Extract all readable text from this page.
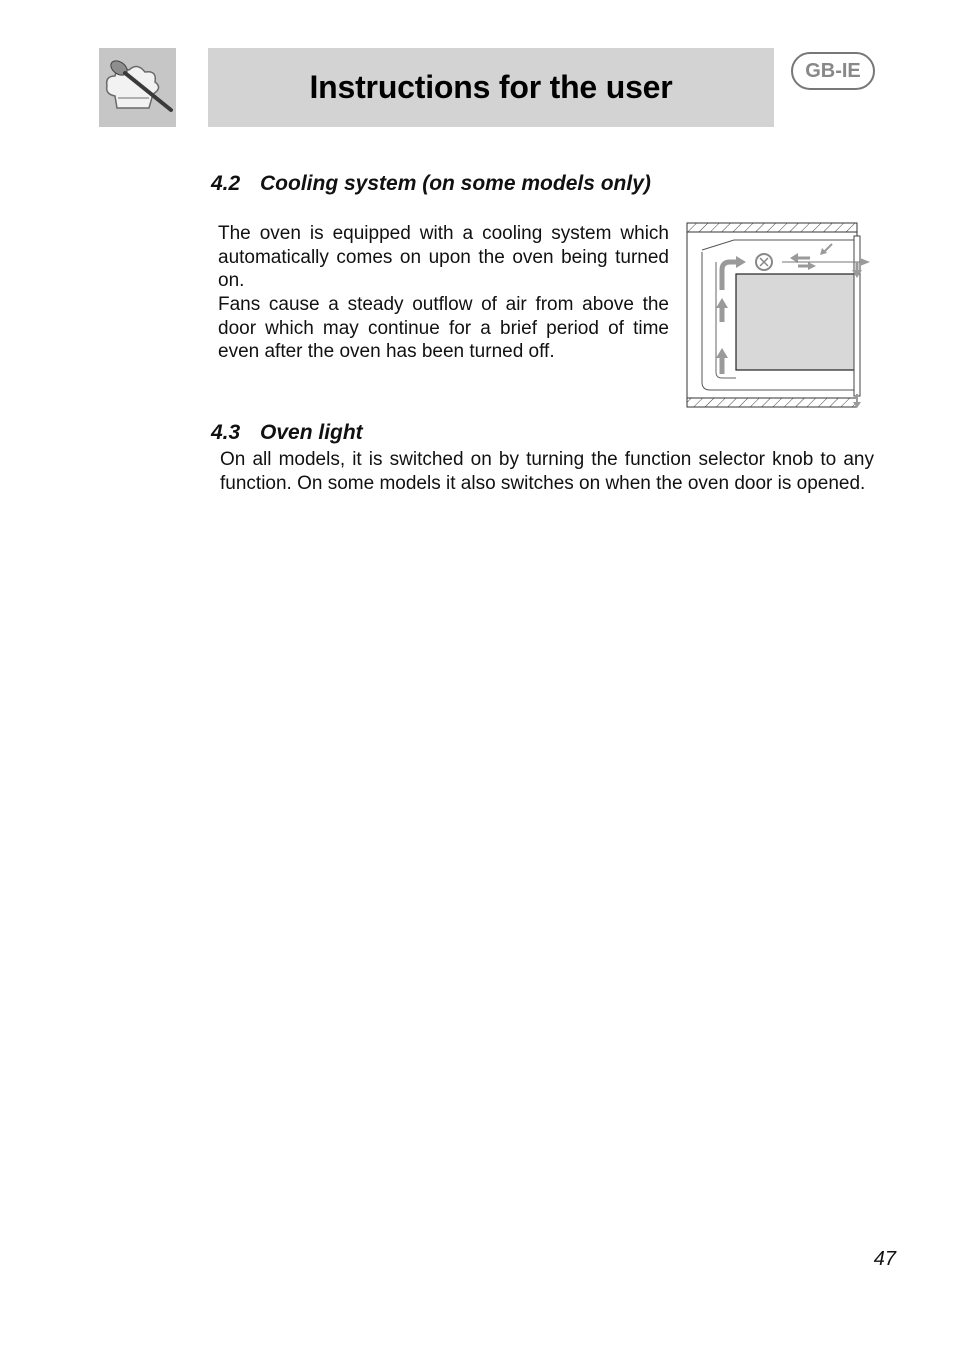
Instructions for the user	GB-IE
4.2 Cooling system (on some models only)

The oven is equipped with a cooling system which automatically comes on upon the oven being turned on.

Fans cause a steady outflow of air from above the door which may continue for a brief period of time even after the oven has been turned off.

4.3 Oven light

On all models, it is switched on by turning the function selector knob to any function. On some models it also switches on when the oven door is opened.

47
